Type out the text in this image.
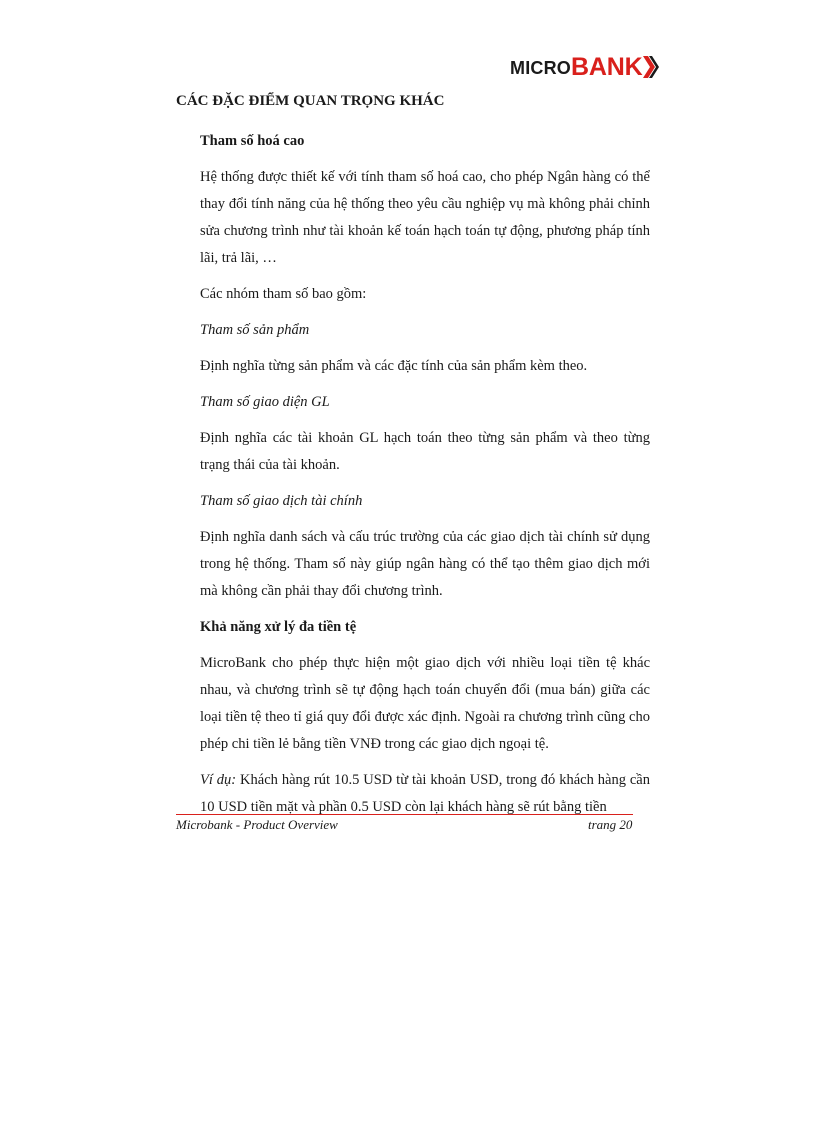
MICRO BANK
CÁC ĐẶC ĐIỂM QUAN TRỌNG KHÁC

Tham số hoá cao

Hệ thống được thiết kế với tính tham số hoá cao, cho phép Ngân hàng có thể thay đổi tính năng của hệ thống theo yêu cầu nghiệp vụ mà không phải chỉnh sửa chương trình như tài khoản kế toán hạch toán tự động, phương pháp tính lãi, trả lãi, …

Các nhóm tham số bao gồm:

Tham số sản phẩm

Định nghĩa từng sản phẩm và các đặc tính của sản phẩm kèm theo.

Tham số giao diện GL

Định nghĩa các tài khoản GL hạch toán theo từng sản phẩm và theo từng trạng thái của tài khoản.

Tham số giao dịch tài chính

Định nghĩa danh sách và cấu trúc trường của các giao dịch tài chính sử dụng trong hệ thống. Tham số này giúp ngân hàng có thể tạo thêm giao dịch mới mà không cần phải thay đổi chương trình.

Khả năng xử lý đa tiền tệ

MicroBank cho phép thực hiện một giao dịch với nhiều loại tiền tệ khác nhau, và chương trình sẽ tự động hạch toán chuyển đổi (mua bán) giữa các loại tiền tệ theo tỉ giá quy đổi được xác định. Ngoài ra chương trình cũng cho phép chi tiền lẻ bằng tiền VNĐ trong các giao dịch ngoại tệ.

Ví dụ: Khách hàng rút 10.5 USD từ tài khoản USD, trong đó khách hàng cần 10 USD tiền mặt và phần 0.5 USD còn lại khách hàng sẽ rút bằng tiền

Microbank - Product Overview	trang 20
